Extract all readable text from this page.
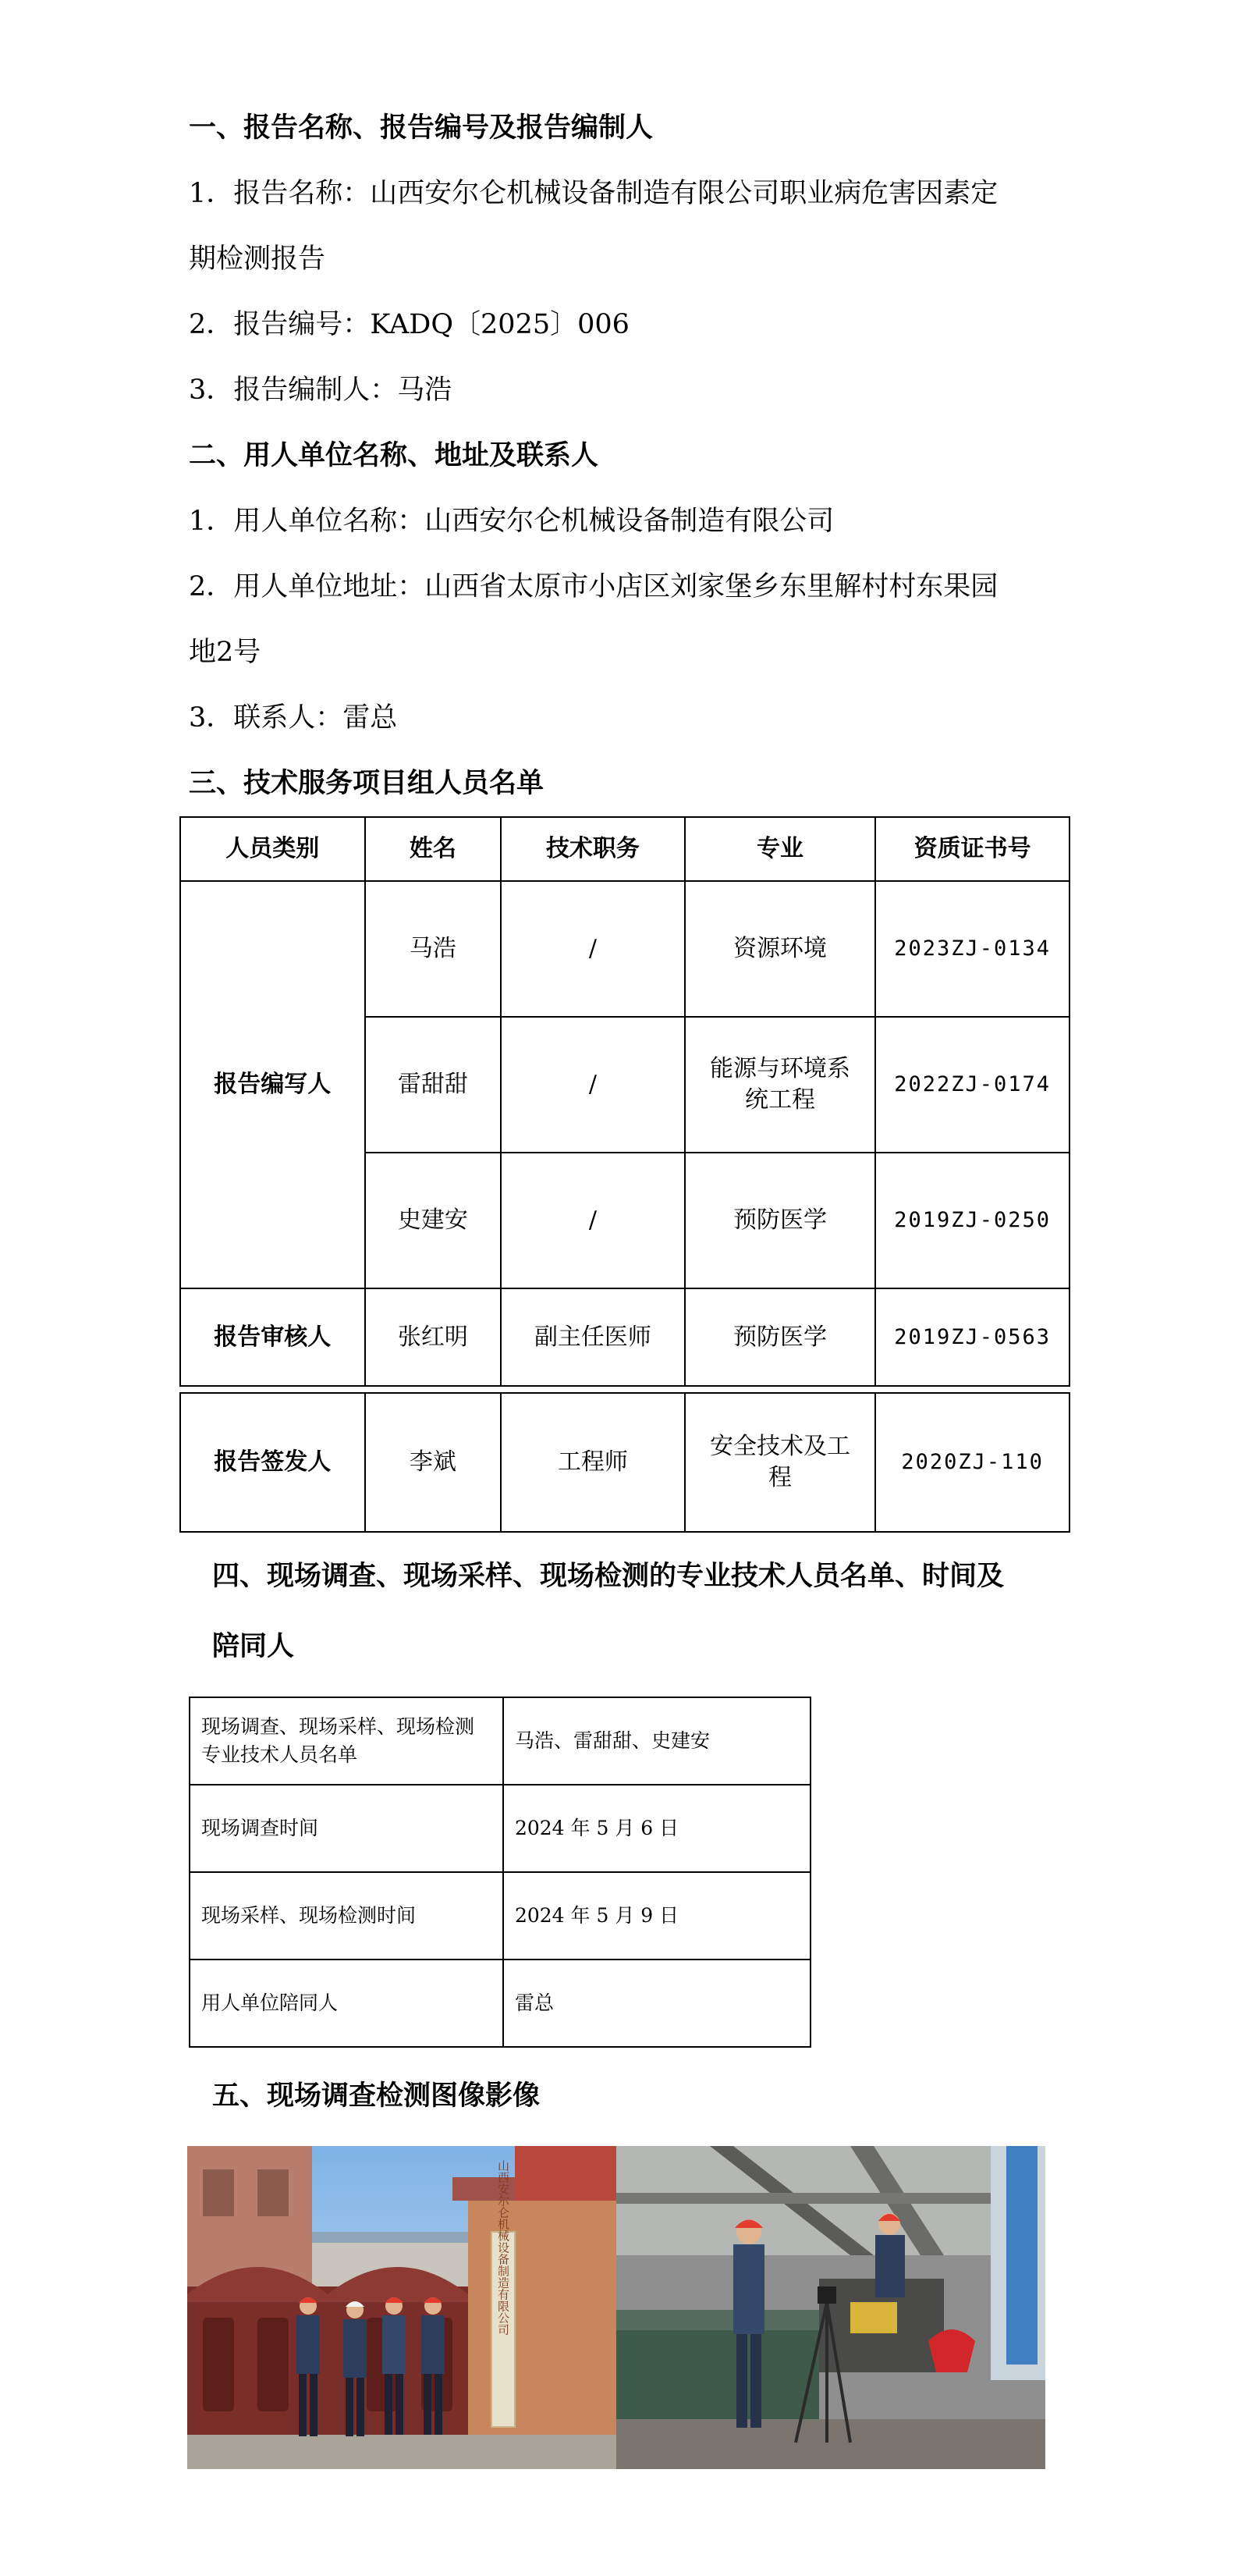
一、报告名称、报告编号及报告编制人
1．报告名称：山西安尔仑机械设备制造有限公司职业病危害因素定
期检测报告
2．报告编号：KADQ〔2025〕006
3．报告编制人：马浩
二、用人单位名称、地址及联系人
1．用人单位名称：山西安尔仑机械设备制造有限公司
2．用人单位地址：山西省太原市小店区刘家堡乡东里解村村东果园
地2号
3．联系人：雷总
三、技术服务项目组人员名单
人员类别	姓名	技术职务	专业	资质证书号
报告编写人	马浩	/	资源环境	2023ZJ-0134
	雷甜甜	/	能源与环境系统工程	2022ZJ-0174
	史建安	/	预防医学	2019ZJ-0250
报告审核人	张红明	副主任医师	预防医学	2019ZJ-0563
报告签发人	李斌	工程师	安全技术及工程	2020ZJ-110
四、现场调查、现场采样、现场检测的专业技术人员名单、时间及
陪同人
现场调查、现场采样、现场检测专业技术人员名单	马浩、雷甜甜、史建安
现场调查时间	2024 年 5 月 6 日
现场采样、现场检测时间	2024 年 5 月 9 日
用人单位陪同人	雷总
五、现场调查检测图像影像
山西安尔仑机械设备制造有限公司
